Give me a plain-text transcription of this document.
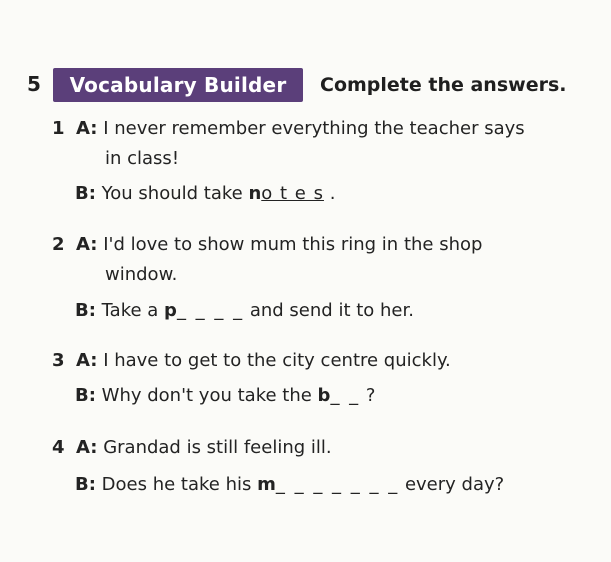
5 Vocabulary Builder Complete the answers.
1 A: I never remember everything the teacher says
in class!
B: You should take no t e s .
2 A: I'd love to show mum this ring in the shop
window.
B: Take a p_ _ _ _ and send it to her.
3 A: I have to get to the city centre quickly.
B: Why don't you take the b_ _ ?
4 A: Grandad is still feeling ill.
B: Does he take his m_ _ _ _ _ _ _ every day?
